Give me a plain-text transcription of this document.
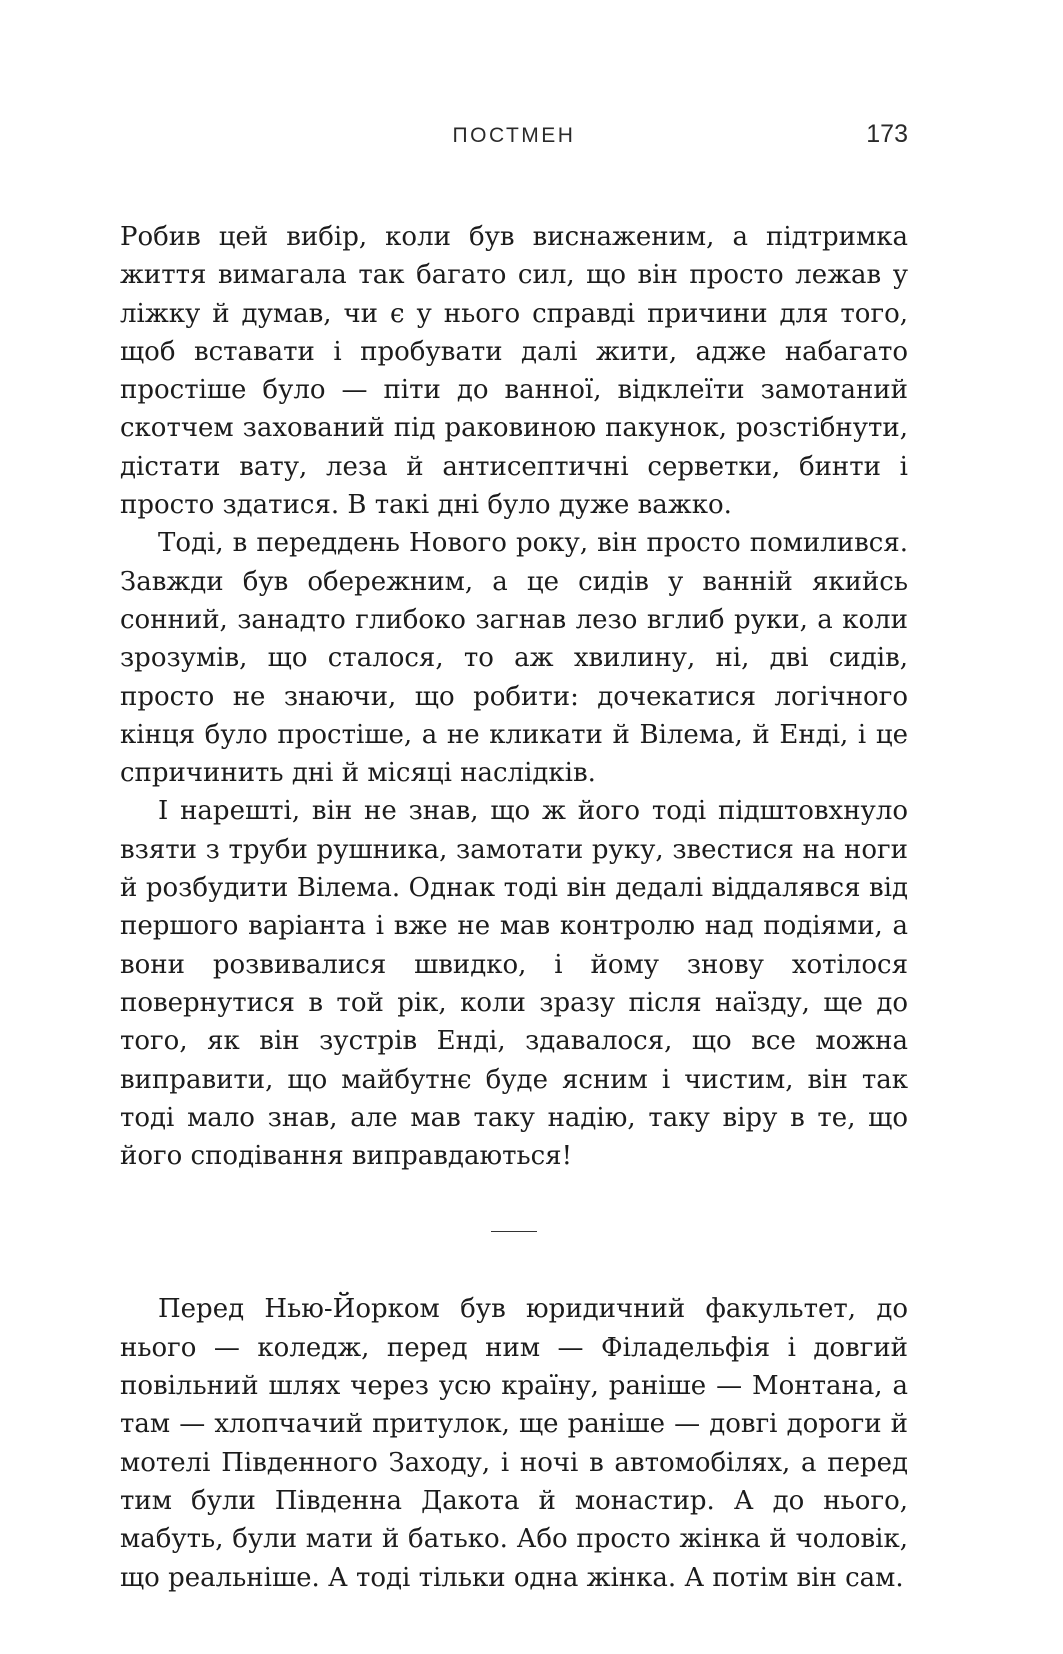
ПОСТМЕН	173

Робив цей вибір, коли був виснаженим, а підтримка життя вимагала так багато сил, що він просто лежав у ліжку й думав, чи є у нього справді причини для того, щоб вставати і пробувати далі жити, адже набагато простіше було — піти до ванної, відклеїти замотаний скотчем захований під раковиною пакунок, розстібнути, дістати вату, леза й антисептичні серветки, бинти і просто здатися. В такі дні було дуже важко.

Тоді, в переддень Нового року, він просто помилився. Завжди був обережним, а це сидів у ванній якийсь сонний, занадто глибоко загнав лезо вглиб руки, а коли зрозумів, що сталося, то аж хвилину, ні, дві сидів, просто не знаючи, що робити: дочекатися логічного кінця було простіше, а не кликати й Вілема, й Енді, і це спричинить дні й місяці наслідків.

І нарешті, він не знав, що ж його тоді підштовхнуло взяти з труби рушника, замотати руку, звестися на ноги й розбудити Вілема. Однак тоді він дедалі віддалявся від першого варіанта і вже не мав контролю над подіями, а вони розвивалися швидко, і йому знову хотілося повернутися в той рік, коли зразу після наїзду, ще до того, як він зустрів Енді, здавалося, що все можна виправити, що майбутнє буде ясним і чистим, він так тоді мало знав, але мав таку надію, таку віру в те, що його сподівання виправдаються!

Перед Нью-Йорком був юридичний факультет, до нього — коледж, перед ним — Філадельфія і довгий повільний шлях через усю країну, раніше — Монтана, а там — хлопчачий притулок, ще раніше — довгі дороги й мотелі Південного Заходу, і ночі в автомобілях, а перед тим були Південна Дакота й монастир. А до нього, мабуть, були мати й батько. Або просто жінка й чоловік, що реальніше. А тоді тільки одна жінка. А потім він сам.
